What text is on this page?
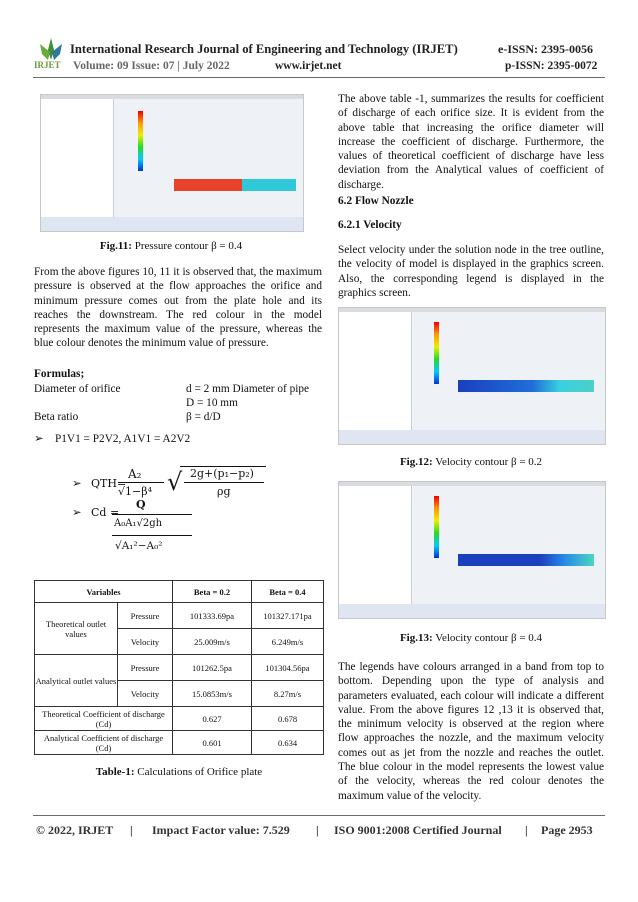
IRJET
International Research Journal of Engineering and Technology (IRJET)	e-ISSN: 2395-0056
Volume: 09 Issue: 07 | July 2022	www.irjet.net	p-ISSN: 2395-0072
Fig.11: Pressure contour β = 0.4

From the above figures 10, 11 it is observed that, the maximum pressure is observed at the flow approaches the orifice and minimum pressure comes out from the plate hole and its reaches the downstream. The red colour in the model represents the maximum value of the pressure, whereas the blue colour denotes the minimum value of pressure.

Formulas;
Diameter of orifice	d = 2 mm Diameter of pipe
D = 10 mm
Beta ratio	β = d/D
➢ P1V1 = P2V2, A1V1 = A2V2
➢ QTH=
A₂
√1−β⁴ √ 2g+(p₁−p₂)
ρg
➢ Cd =
Q
A₀A₁√2gh
√A₁²−A₀²
Variables		Beta = 0.2	Beta = 0.4
Theoretical outlet values	Pressure	101333.69pa	101327.171pa
	Velocity	25.009m/s	6.249m/s
Analytical outlet values	Pressure	101262.5pa	101304.56pa
	Velocity	15.0853m/s	8.27m/s
Theoretical Coefficient of discharge (Cd)		0.627	0.678
Analytical Coefficient of discharge (Cd)		0.601	0.634
Table-1: Calculations of Orifice plate

The above table -1, summarizes the results for coefficient of discharge of each orifice size. It is evident from the above table that increasing the orifice diameter will increase the coefficient of discharge. Furthermore, the values of theoretical coefficient of discharge have less deviation from the Analytical values of coefficient of discharge.

6.2 Flow Nozzle
6.2.1 Velocity

Select velocity under the solution node in the tree outline, the velocity of model is displayed in the graphics screen. Also, the corresponding legend is displayed in the graphics screen.

Fig.12: Velocity contour β = 0.2
Fig.13: Velocity contour β = 0.4

The legends have colours arranged in a band from top to bottom. Depending upon the type of analysis and parameters evaluated, each colour will indicate a different value. From the above figures 12 ,13 it is observed that, the minimum velocity is observed at the region where flow approaches the nozzle, and the maximum velocity comes out as jet from the nozzle and reaches the outlet. The blue colour in the model represents the lowest value of the velocity, whereas the red colour denotes the maximum value of the velocity.

© 2022, IRJET | Impact Factor value: 7.529 | ISO 9001:2008 Certified Journal | Page 2953
